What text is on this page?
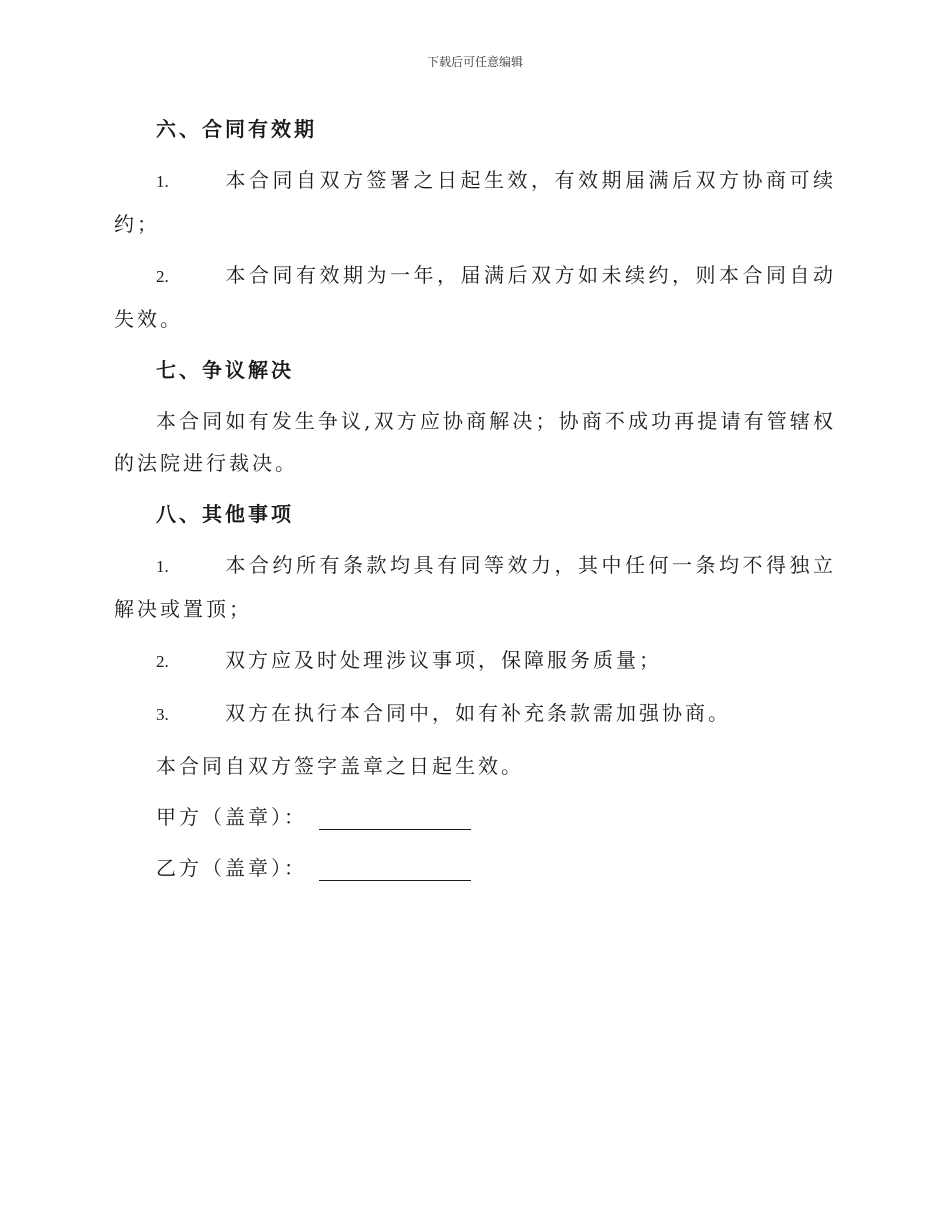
下载后可任意编辑
六、合同有效期
1.	本合同自双方签署之日起生效，有效期届满后双方协商可续约；
2.	本合同有效期为一年，届满后双方如未续约，则本合同自动失效。
七、争议解决
本合同如有发生争议,双方应协商解决；协商不成功再提请有管辖权的法院进行裁决。
八、其他事项
1.	本合约所有条款均具有同等效力，其中任何一条均不得独立解决或置顶；
2.	双方应及时处理涉议事项，保障服务质量；
3.	双方在执行本合同中，如有补充条款需加强协商。
本合同自双方签字盖章之日起生效。
甲方（盖章）：
乙方（盖章）：
